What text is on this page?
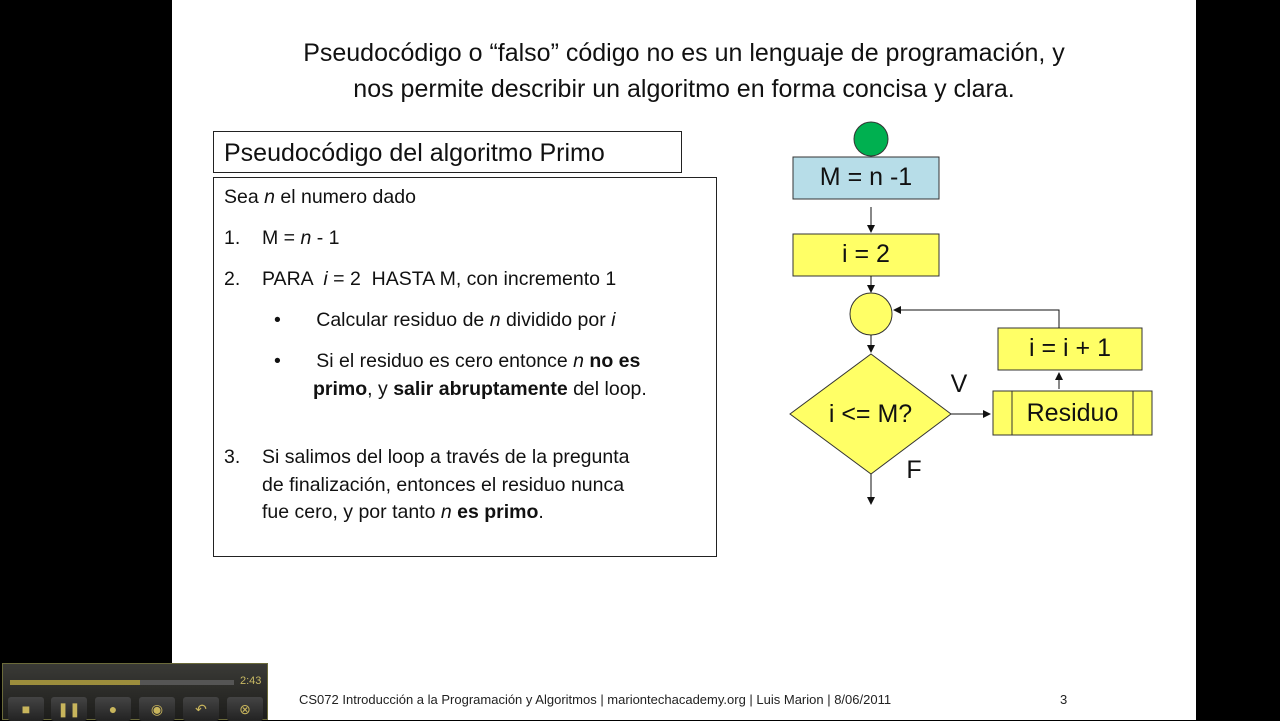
Pseudocódigo o “falso” código no es un lenguaje de programación, y
nos permite describir un algoritmo en forma concisa y clara.
Pseudocódigo del algoritmo Primo
Sea n el numero dado
1. M = n - 1
2. PARA  i = 2  HASTA M, con incremento 1
• Calcular residuo de n dividido por i
• Si el residuo es cero entonce n no es
primo, y salir abruptamente del loop.
3. Si salimos del loop a través de la pregunta
de finalización, entonces el residuo nunca
fue cero, y por tanto n es primo.
M = n -1
i = 2
i = i + 1
i <= M?	Residuo
V
F
CS072 Introducción a la Programación y Algoritmos | mariontechacademy.org | Luis Marion | 8/06/2011	3
2:43
■ ❚❚ ● ◉ ↶ ⊗
